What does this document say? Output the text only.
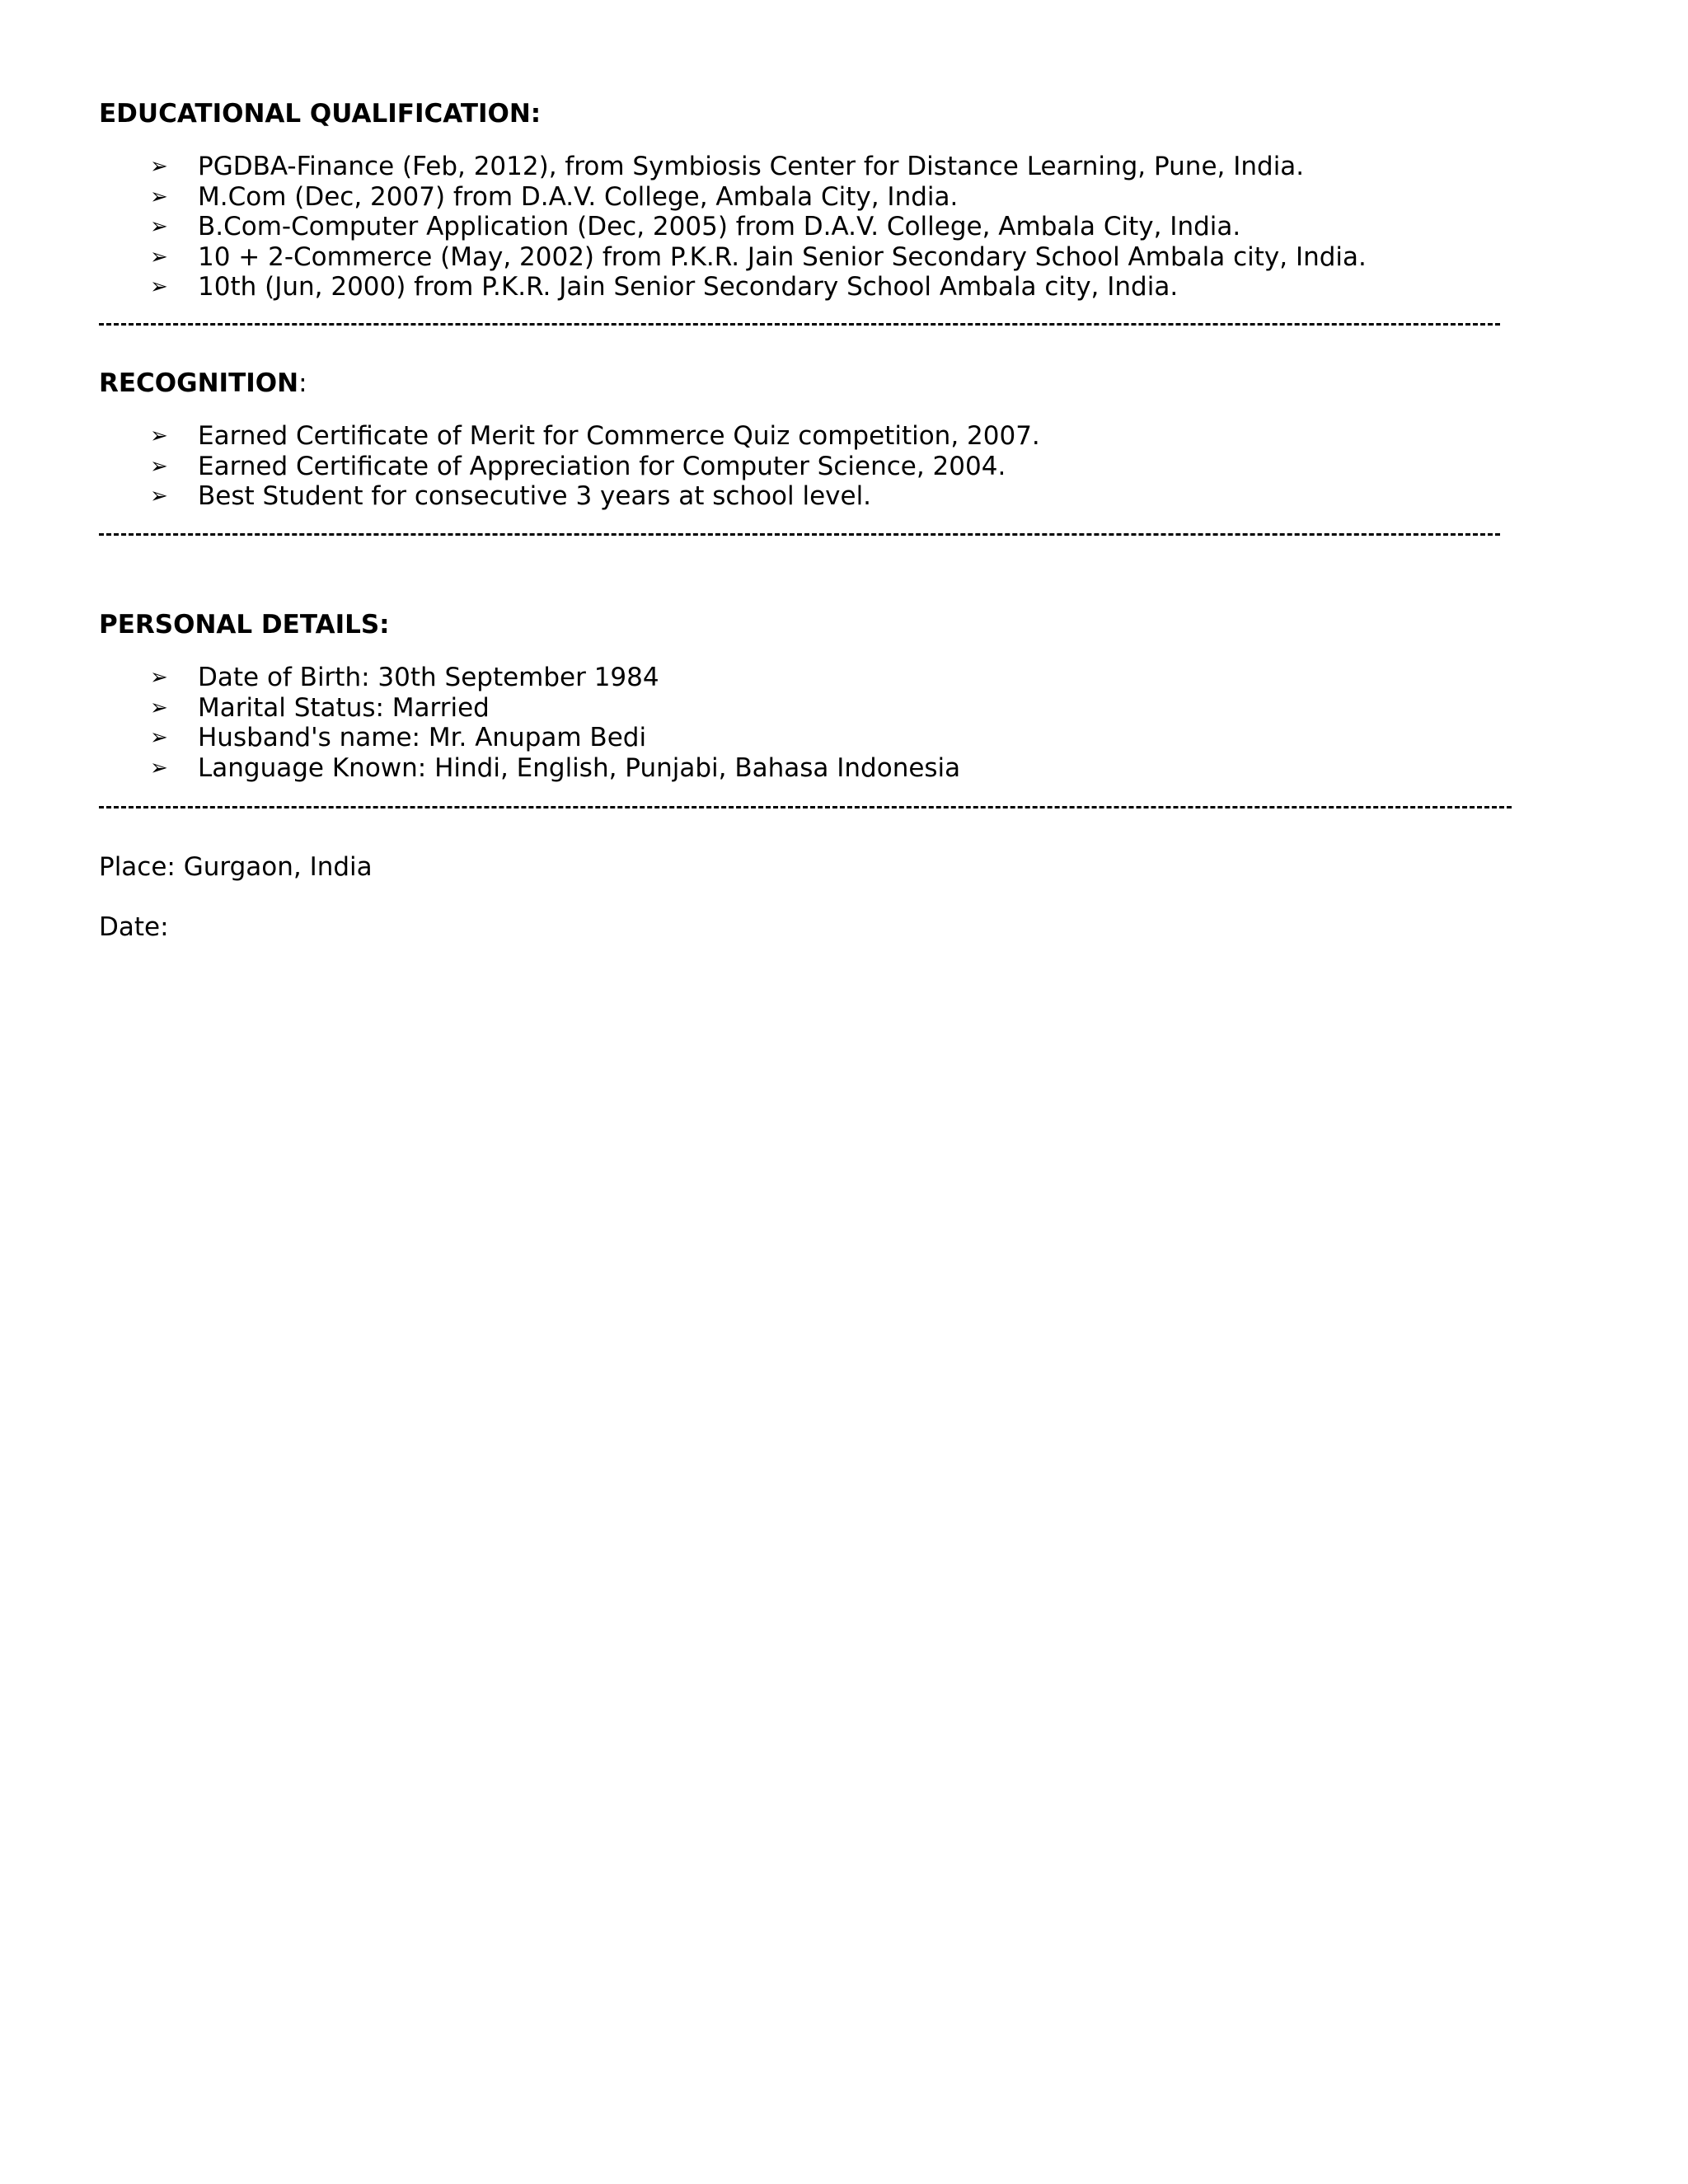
EDUCATIONAL QUALIFICATION:
➢ PGDBA-Finance (Feb, 2012), from Symbiosis Center for Distance Learning, Pune, India.
➢ M.Com (Dec, 2007) from D.A.V. College, Ambala City, India.
➢ B.Com-Computer Application (Dec, 2005) from D.A.V. College, Ambala City, India.
➢ 10 + 2-Commerce (May, 2002) from P.K.R. Jain Senior Secondary School Ambala city, India.
➢ 10th (Jun, 2000) from P.K.R. Jain Senior Secondary School Ambala city, India.
RECOGNITION:
➢ Earned Certificate of Merit for Commerce Quiz competition, 2007.
➢ Earned Certificate of Appreciation for Computer Science, 2004.
➢ Best Student for consecutive 3 years at school level.
PERSONAL DETAILS:
➢ Date of Birth: 30th September 1984
➢ Marital Status: Married
➢ Husband's name: Mr. Anupam Bedi
➢ Language Known: Hindi, English, Punjabi, Bahasa Indonesia
Place: Gurgaon, India
Date:
